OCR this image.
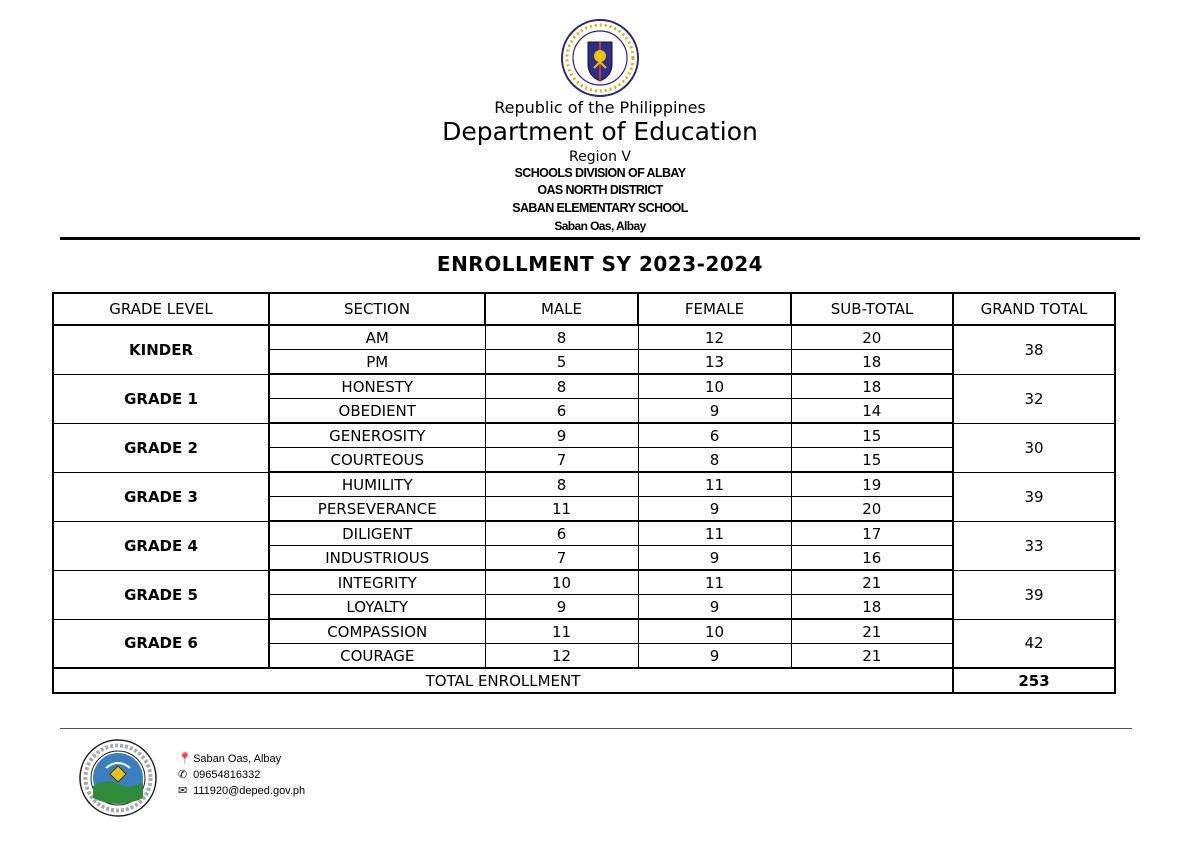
Republic of the Philippines
Department of Education
Region V
SCHOOLS DIVISION OF ALBAY
OAS NORTH DISTRICT
SABAN ELEMENTARY SCHOOL
Saban Oas, Albay
ENROLLMENT SY 2023-2024
GRADE LEVEL	SECTION	MALE	FEMALE	SUB-TOTAL	GRAND TOTAL
KINDER	AM	8	12	20	38
	PM	5	13	18	
GRADE 1	HONESTY	8	10	18	32
	OBEDIENT	6	9	14	
GRADE 2	GENEROSITY	9	6	15	30
	COURTEOUS	7	8	15	
GRADE 3	HUMILITY	8	11	19	39
	PERSEVERANCE	11	9	20	
GRADE 4	DILIGENT	6	11	17	33
	INDUSTRIOUS	7	9	16	
GRADE 5	INTEGRITY	10	11	21	39
	LOYALTY	9	9	18	
GRADE 6	COMPASSION	11	10	21	42
	COURAGE	12	9	21	
TOTAL ENROLLMENT					253
📍 Saban Oas, Albay
✆ 09654816332
✉ 111920@deped.gov.ph
